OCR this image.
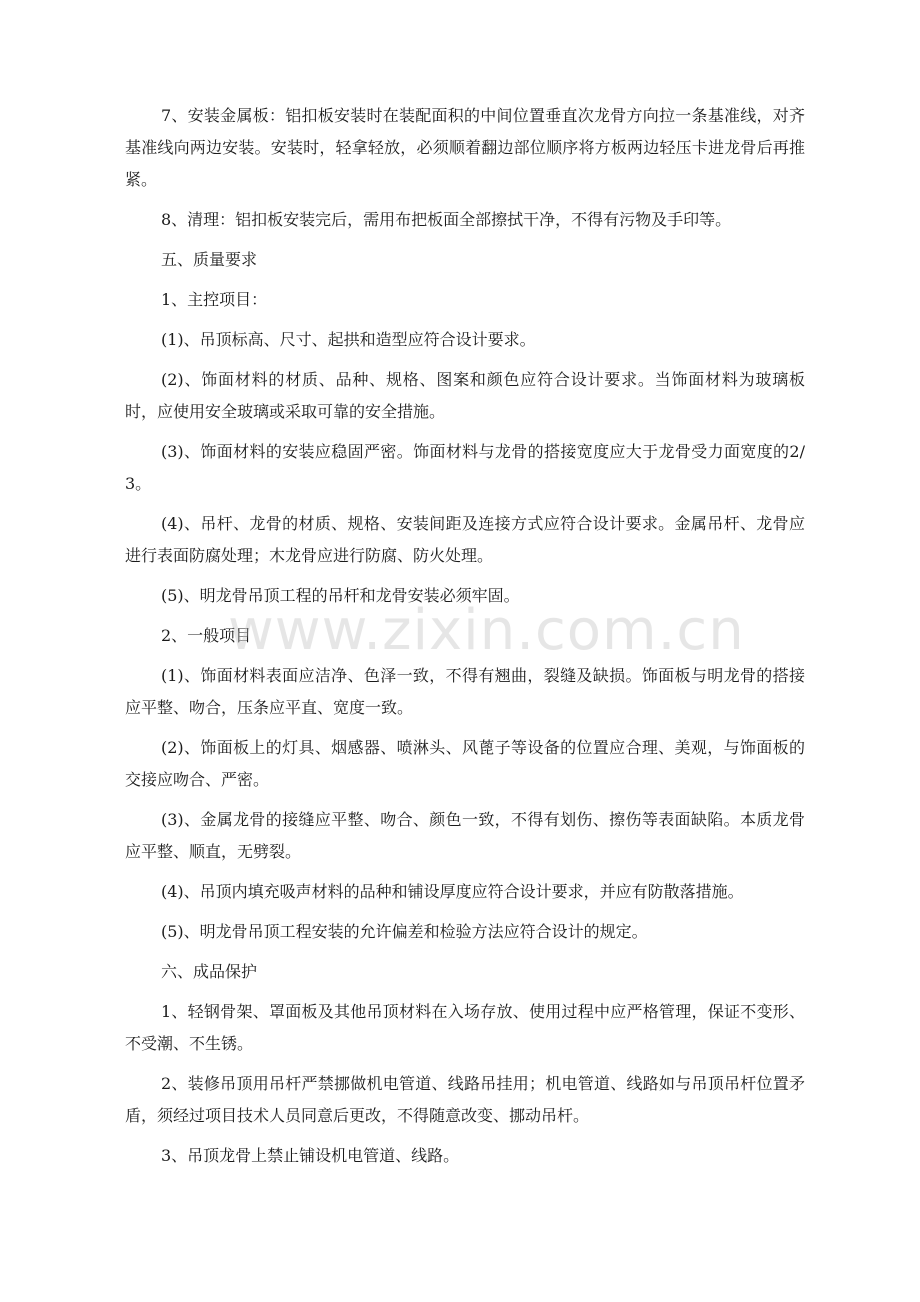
7、安装金属板：铝扣板安装时在装配面积的中间位置垂直次龙骨方向拉一条基准线，对齐基准线向两边安装。安装时，轻拿轻放，必须顺着翻边部位顺序将方板两边轻压卡进龙骨后再推紧。

8、清理：铝扣板安装完后，需用布把板面全部擦拭干净，不得有污物及手印等。

五、质量要求

1、主控项目：

(1)、吊顶标高、尺寸、起拱和造型应符合设计要求。

(2)、饰面材料的材质、品种、规格、图案和颜色应符合设计要求。当饰面材料为玻璃板时，应使用安全玻璃或采取可靠的安全措施。

(3)、饰面材料的安装应稳固严密。饰面材料与龙骨的搭接宽度应大于龙骨受力面宽度的2/3。

(4)、吊杆、龙骨的材质、规格、安装间距及连接方式应符合设计要求。金属吊杆、龙骨应进行表面防腐处理；木龙骨应进行防腐、防火处理。

(5)、明龙骨吊顶工程的吊杆和龙骨安装必须牢固。

2、一般项目

(1)、饰面材料表面应洁净、色泽一致，不得有翘曲，裂缝及缺损。饰面板与明龙骨的搭接应平整、吻合，压条应平直、宽度一致。

(2)、饰面板上的灯具、烟感器、喷淋头、风蓖子等设备的位置应合理、美观，与饰面板的交接应吻合、严密。

(3)、金属龙骨的接缝应平整、吻合、颜色一致，不得有划伤、擦伤等表面缺陷。本质龙骨应平整、顺直，无劈裂。

(4)、吊顶内填充吸声材料的品种和铺设厚度应符合设计要求，并应有防散落措施。

(5)、明龙骨吊顶工程安装的允许偏差和检验方法应符合设计的规定。

六、成品保护

1、轻钢骨架、罩面板及其他吊顶材料在入场存放、使用过程中应严格管理，保证不变形、不受潮、不生锈。

2、装修吊顶用吊杆严禁挪做机电管道、线路吊挂用；机电管道、线路如与吊顶吊杆位置矛盾，须经过项目技术人员同意后更改，不得随意改变、挪动吊杆。

3、吊顶龙骨上禁止铺设机电管道、线路。

www.zixin.com.cn
